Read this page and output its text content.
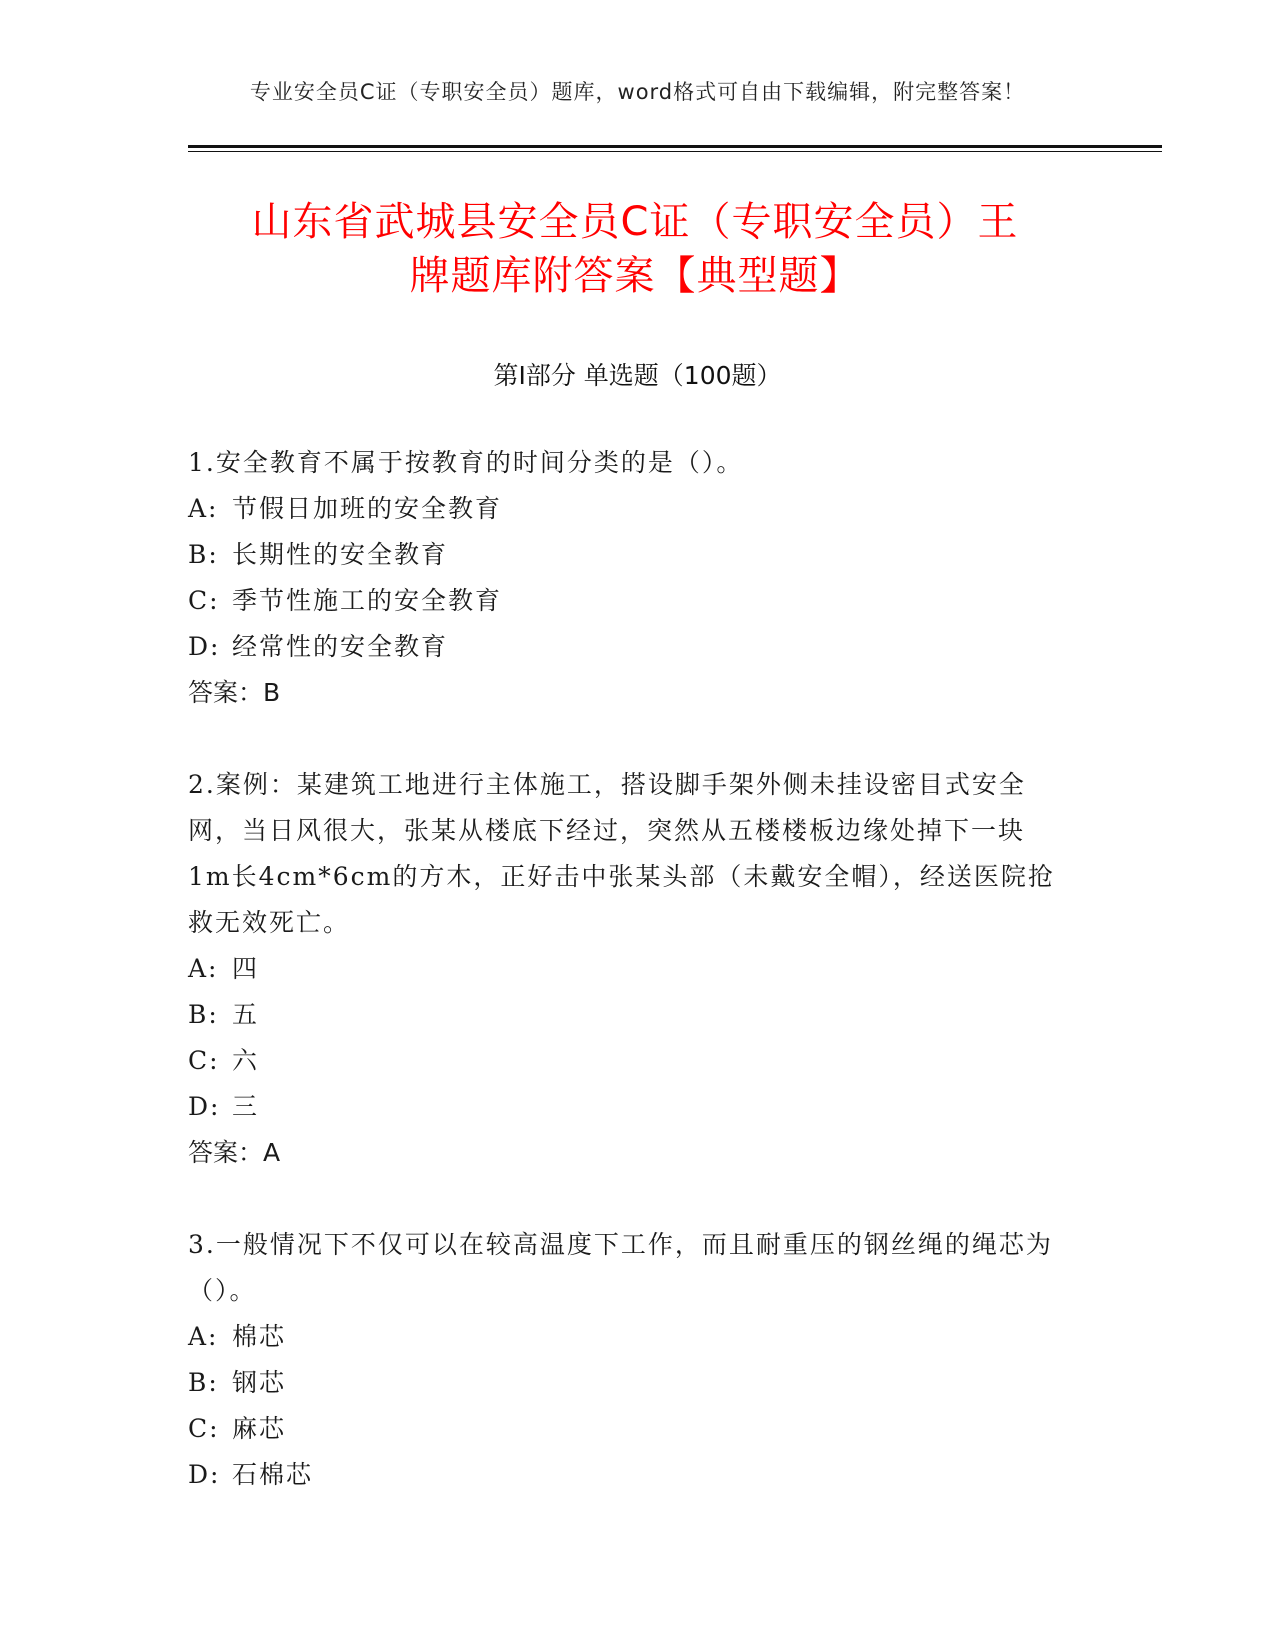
专业安全员C证（专职安全员）题库，word格式可自由下载编辑，附完整答案！
山东省武城县安全员C证（专职安全员）王
牌题库附答案【典型题】
第Ⅰ部分 单选题（100题）

1.安全教育不属于按教育的时间分类的是（）。

A: 节假日加班的安全教育

B: 长期性的安全教育

C: 季节性施工的安全教育

D: 经常性的安全教育

答案：B

2.案例：某建筑工地进行主体施工，搭设脚手架外侧未挂设密目式安全网，当日风很大，张某从楼底下经过，突然从五楼楼板边缘处掉下一块1m长4cm*6cm的方木，正好击中张某头部（未戴安全帽），经送医院抢救无效死亡。

A: 四

B: 五

C: 六

D: 三

答案：A

3.一般情况下不仅可以在较高温度下工作，而且耐重压的钢丝绳的绳芯为（）。

A: 棉芯

B: 钢芯

C: 麻芯

D: 石棉芯
